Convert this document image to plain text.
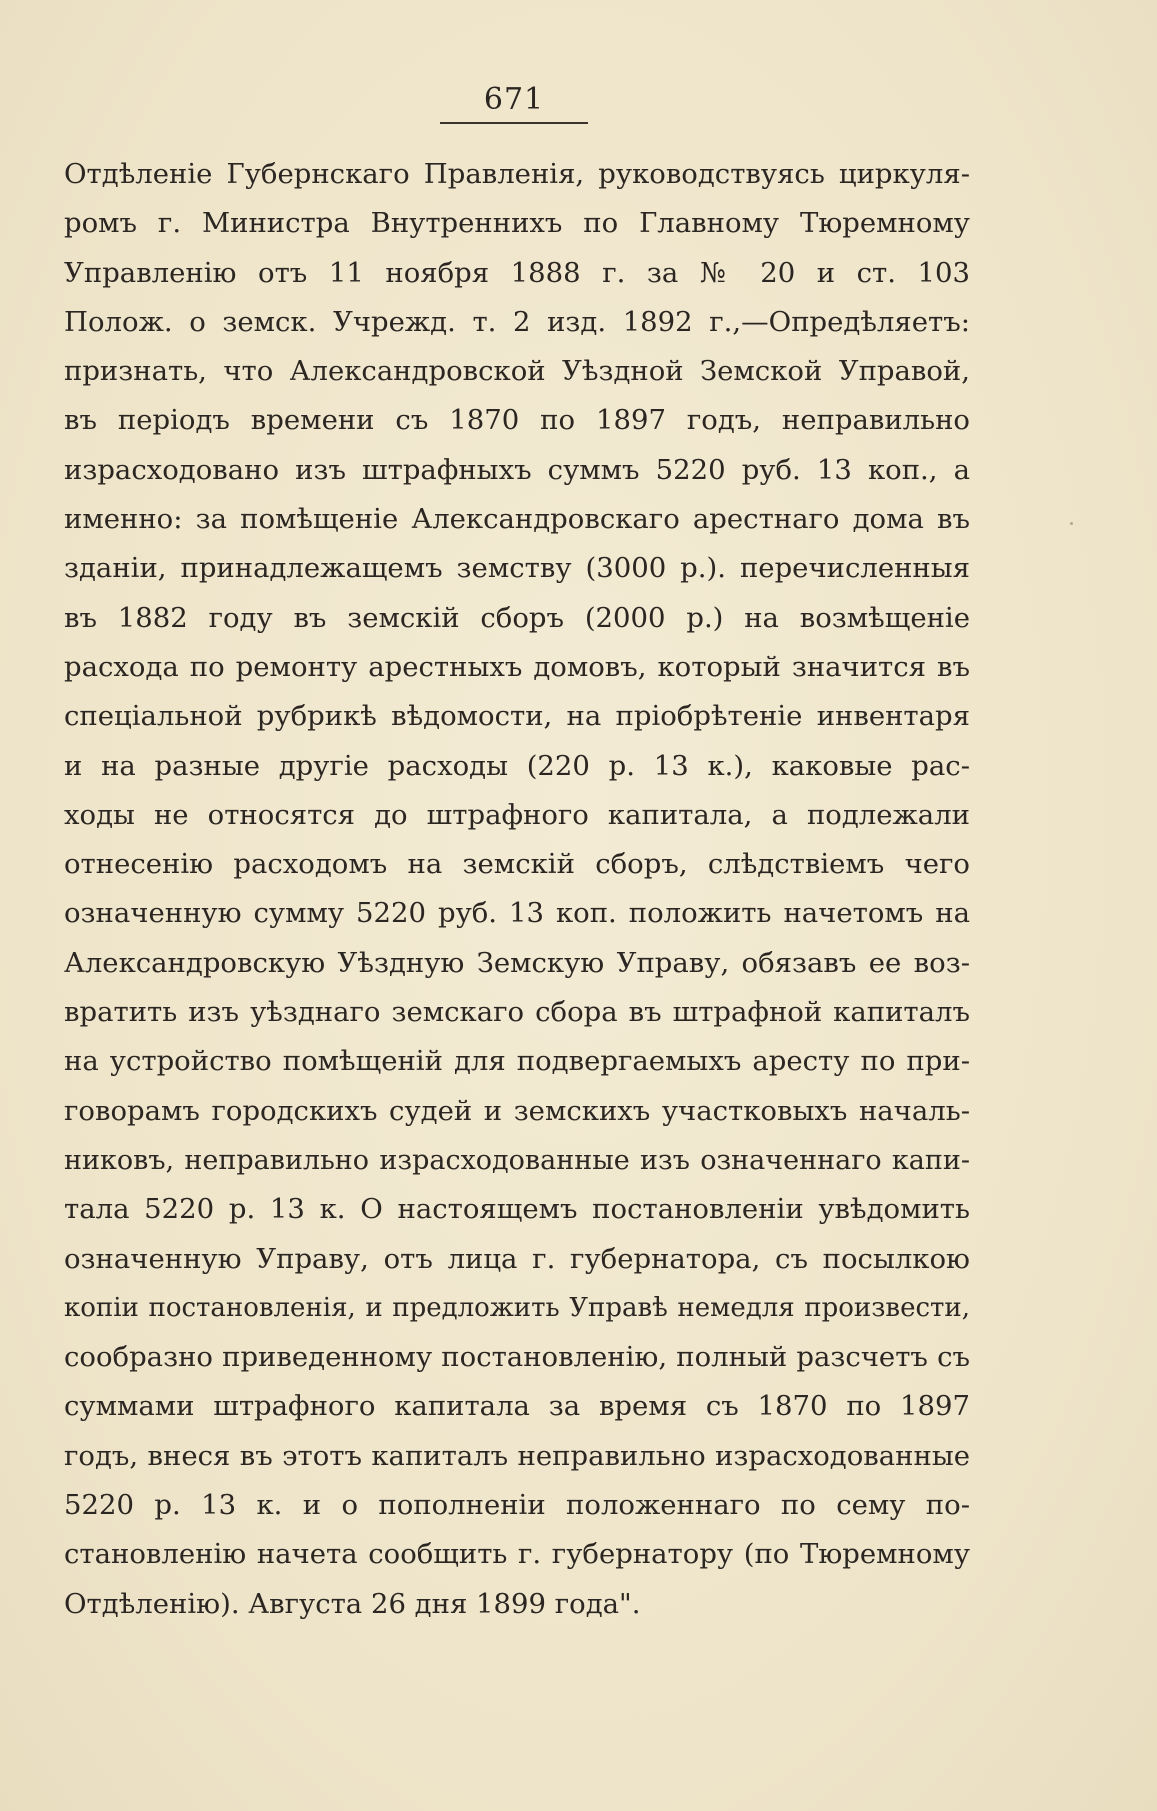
671
Отдѣленіе Губернскаго Правленія, руководствуясь циркуля-
ромъ г. Министра Внутреннихъ по Главному Тюремному
Управленію отъ 11 ноября 1888 г. за № 20 и ст. 103
Полож. о земск. Учрежд. т. 2 изд. 1892 г.,—Опредѣляетъ:
признать, что Александровской Уѣздной Земской Управой,
въ періодъ времени съ 1870 по 1897 годъ, неправильно
израсходовано изъ штрафныхъ суммъ 5220 руб. 13 коп., а
именно: за помѣщеніе Александровскаго арестнаго дома въ
зданіи, принадлежащемъ земству (3000 р.). перечисленныя
въ 1882 году въ земскій сборъ (2000 р.) на возмѣщеніе
расхода по ремонту арестныхъ домовъ, который значится въ
спеціальной рубрикѣ вѣдомости, на пріобрѣтеніе инвентаря
и на разные другіе расходы (220 р. 13 к.), каковые рас-
ходы не относятся до штрафного капитала, а подлежали
отнесенію расходомъ на земскій сборъ, слѣдствіемъ чего
означенную сумму 5220 руб. 13 коп. положить начетомъ на
Александровскую Уѣздную Земскую Управу, обязавъ ее воз-
вратить изъ уѣзднаго земскаго сбора въ штрафной капиталъ
на устройство помѣщеній для подвергаемыхъ аресту по при-
говорамъ городскихъ судей и земскихъ участковыхъ началь-
никовъ, неправильно израсходованные изъ означеннаго капи-
тала 5220 р. 13 к. О настоящемъ постановленіи увѣдомить
означенную Управу, отъ лица г. губернатора, съ посылкою
копіи постановленія, и предложить Управѣ немедля произвести,
сообразно приведенному постановленію, полный разсчетъ съ
суммами штрафного капитала за время съ 1870 по 1897
годъ, внеся въ этотъ капиталъ неправильно израсходованные
5220 р. 13 к. и о пополненіи положеннаго по сему по-
становленію начета сообщить г. губернатору (по Тюремному
Отдѣленію). Августа 26 дня 1899 года".
